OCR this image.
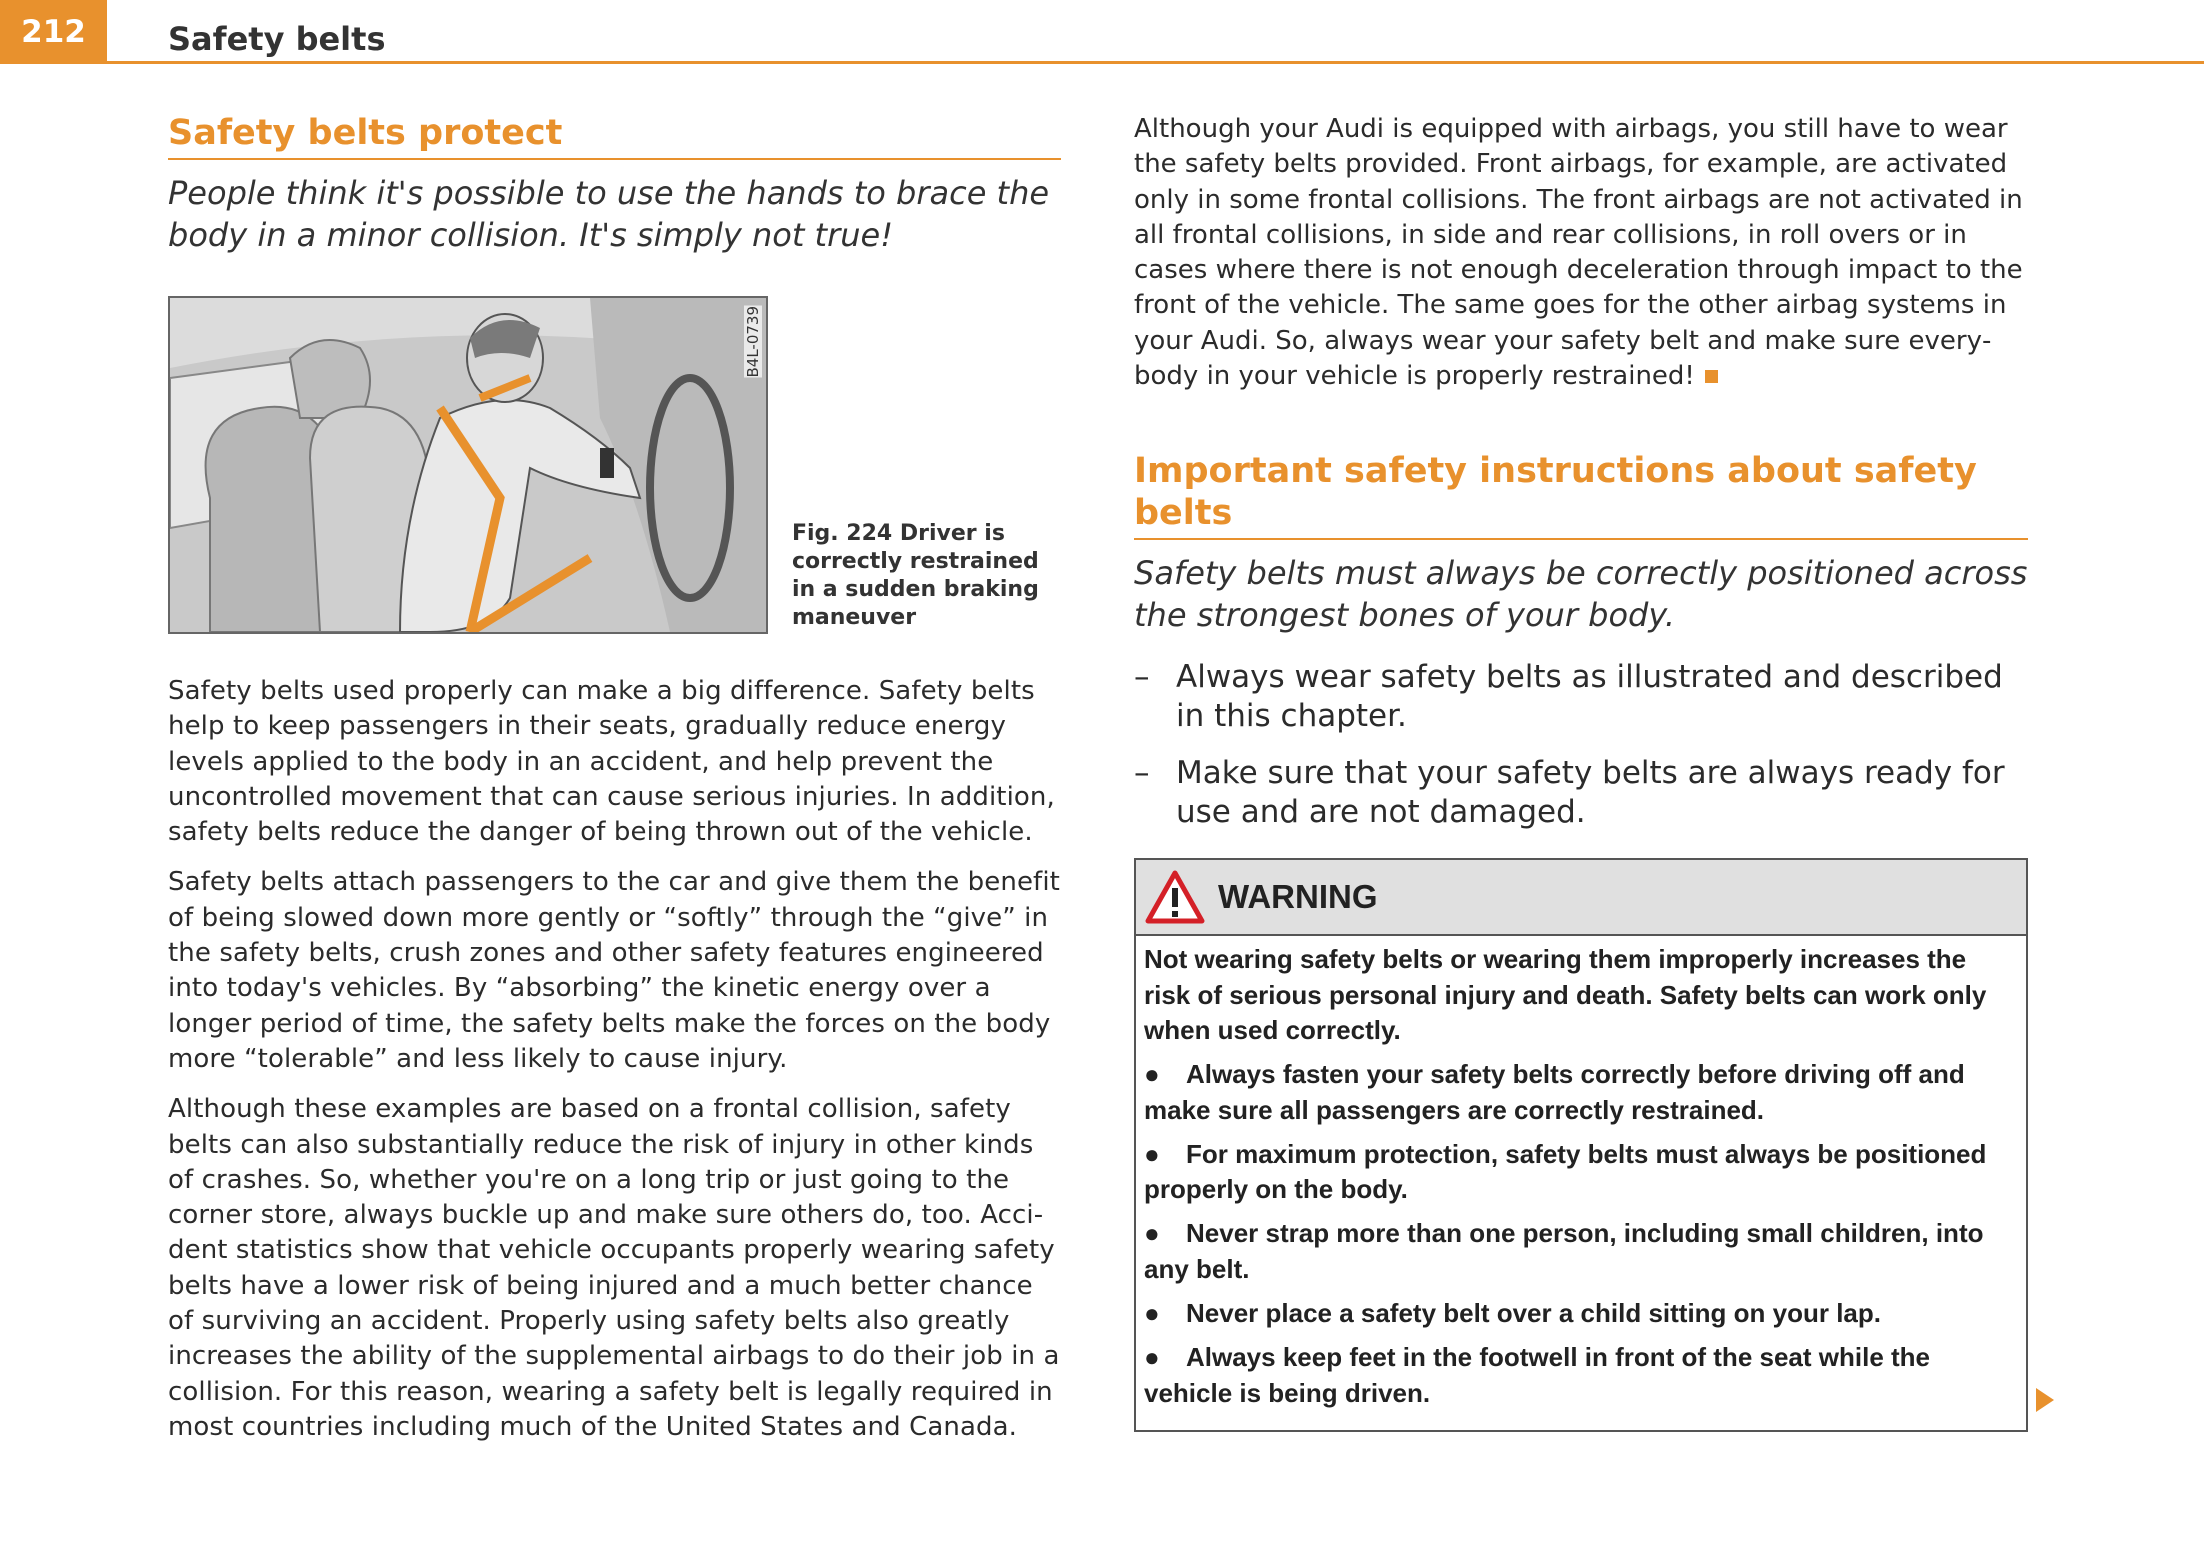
212	Safety belts
Safety belts protect

People think it's possible to use the hands to brace the body in a minor collision. It's simply not true!

B4L-0739
Fig. 224 Driver is correctly restrained in a sudden braking maneuver

Safety belts used properly can make a big difference. Safety belts help to keep passengers in their seats, gradually reduce energy levels applied to the body in an accident, and help prevent the uncontrolled movement that can cause serious injuries. In addition, safety belts reduce the danger of being thrown out of the vehicle.

Safety belts attach passengers to the car and give them the benefit of being slowed down more gently or “softly” through the “give” in the safety belts, crush zones and other safety features engineered into today's vehicles. By “absorbing” the kinetic energy over a longer period of time, the safety belts make the forces on the body more “tolerable” and less likely to cause injury.

Although these examples are based on a frontal collision, safety belts can also substantially reduce the risk of injury in other kinds of crashes. So, whether you're on a long trip or just going to the corner store, always buckle up and make sure others do, too. Accident statistics show that vehicle occupants properly wearing safety belts have a lower risk of being injured and a much better chance of surviving an accident. Properly using safety belts also greatly increases the ability of the supplemental airbags to do their job in a collision. For this reason, wearing a safety belt is legally required in most countries including much of the United States and Canada.

Although your Audi is equipped with airbags, you still have to wear the safety belts provided. Front airbags, for example, are activated only in some frontal collisions. The front airbags are not activated in all frontal collisions, in side and rear collisions, in roll overs or in cases where there is not enough deceleration through impact to the front of the vehicle. The same goes for the other airbag systems in your Audi. So, always wear your safety belt and make sure everybody in your vehicle is properly restrained!

Important safety instructions about safety belts

Safety belts must always be correctly positioned across the strongest bones of your body.

– Always wear safety belts as illustrated and described in this chapter.
– Make sure that your safety belts are always ready for use and are not damaged.
WARNING

Not wearing safety belts or wearing them improperly increases the risk of serious personal injury and death. Safety belts can work only when used correctly.

● Always fasten your safety belts correctly before driving off and make sure all passengers are correctly restrained.

● For maximum protection, safety belts must always be positioned properly on the body.

● Never strap more than one person, including small children, into any belt.

● Never place a safety belt over a child sitting on your lap.

● Always keep feet in the footwell in front of the seat while the vehicle is being driven.
